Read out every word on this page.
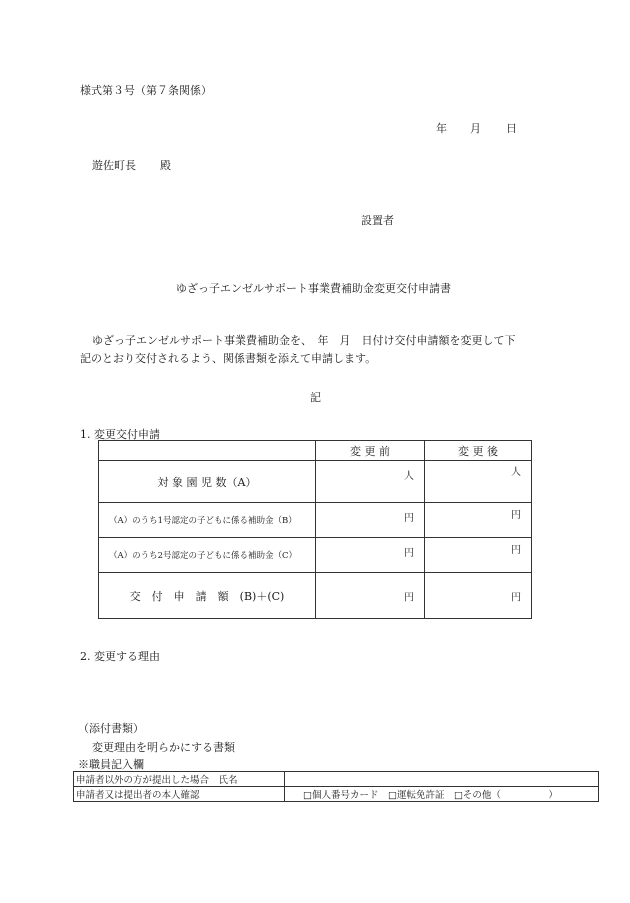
様式第３号（第７条関係）
年 月 日
遊佐町長 殿
設置者
ゆざっ子エンゼルサポート事業費補助金変更交付申請書
ゆざっ子エンゼルサポート事業費補助金を、　年　月　日付け交付申請額を変更して下
記のとおり交付されるよう、関係書類を添えて申請します。
記
1. 変更交付申請
	変 更 前	変 更 後
対 象 園 児 数（A）	人	人

（A）のうち1号認定の子どもに係る補助金（B）	円	円

（A）のうち2号認定の子どもに係る補助金（C）	円	円

交　付　申　請　額　(B)＋(C)	円	円
2. 変更する理由
（添付書類）
変更理由を明らかにする書類
※職員記入欄
申請者以外の方が提出した場合　氏名	
申請者又は提出者の本人確認	□個人番号カード　□運転免許証　□その他（　　　　　）
